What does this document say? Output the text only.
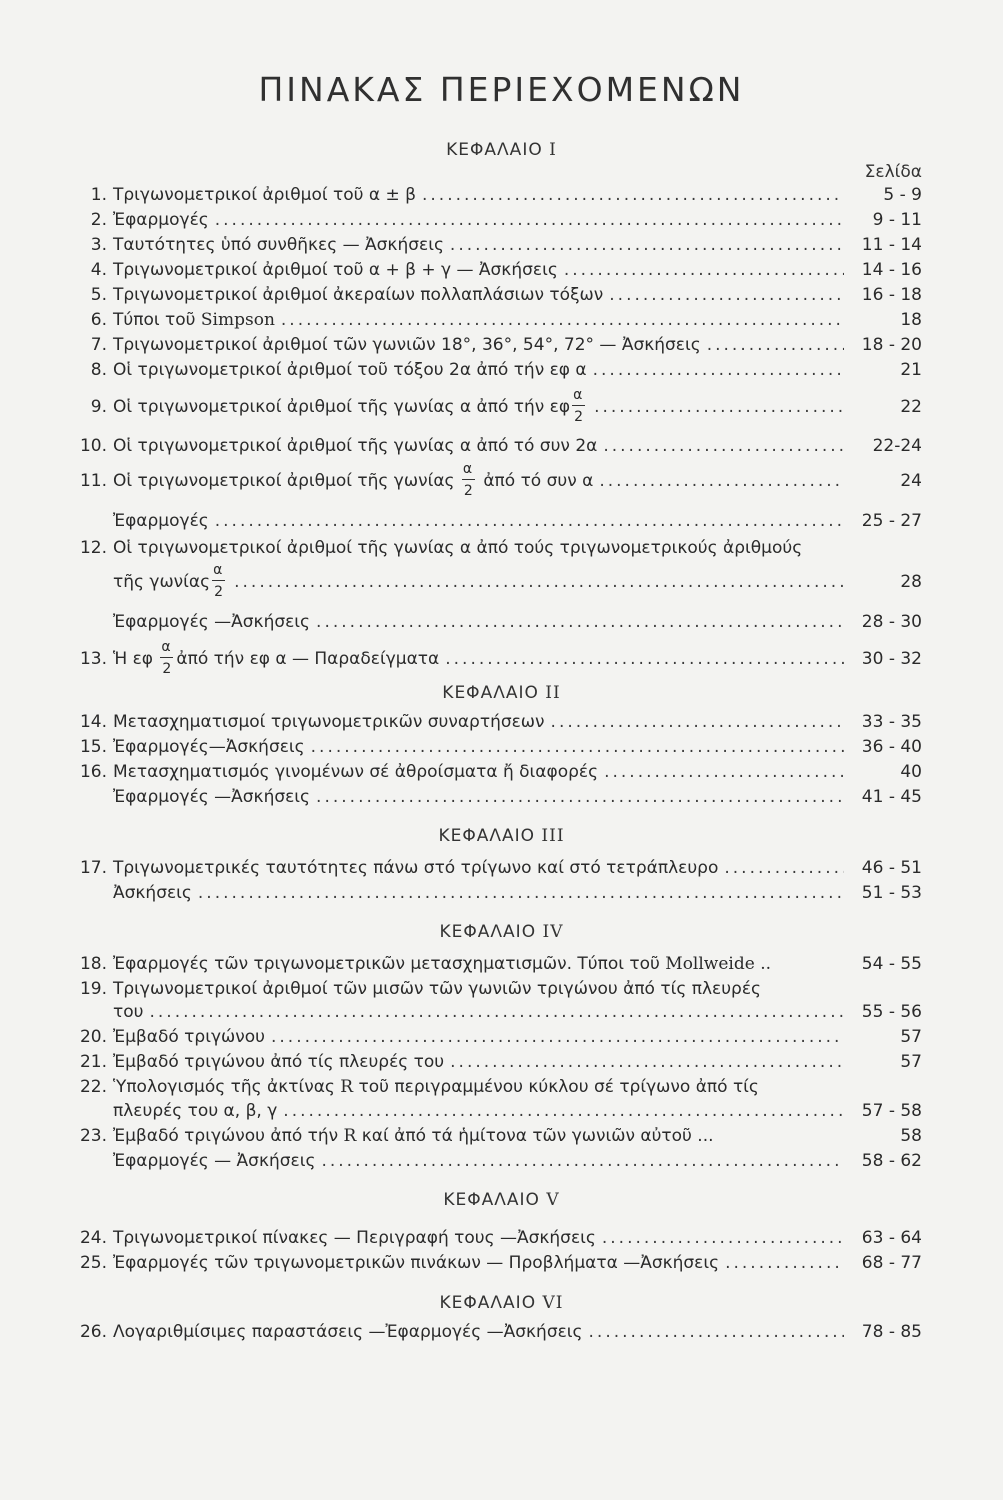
ΠΙΝΑΚΑΣ ΠΕΡΙΕΧΟΜΕΝΩΝ
ΚΕΦΑΛΑΙΟ I
Σελίδα
1. Τριγωνομετρικοί ἀριθμοί τοῦ α ± β .....	5 - 9
2. Ἐφαρμογές .....	9 - 11
3. Ταυτότητες ὑπό συνθῆκες — Ἀσκήσεις .....	11 - 14
4. Τριγωνομετρικοί ἀριθμοί τοῦ α + β + γ — Ἀσκήσεις .....	14 - 16
5. Τριγωνομετρικοί ἀριθμοί ἀκεραίων πολλαπλάσιων τόξων .....	16 - 18
6. Τύποι τοῦ Simpson .....	18
7. Τριγωνομετρικοί ἀριθμοί τῶν γωνιῶν 18°, 36°, 54°, 72° — Ἀσκήσεις .....	18 - 20
8. Οἱ τριγωνομετρικοί ἀριθμοί τοῦ τόξου 2α ἀπό τήν εφ α .....	21
9. Οἱ τριγωνομετρικοί ἀριθμοί τῆς γωνίας α ἀπό τήν εφ $\frac{\alpha}{2}$ .....	22
10. Οἱ τριγωνομετρικοί ἀριθμοί τῆς γωνίας α ἀπό τό συν 2α .....	22-24
11. Οἱ τριγωνομετρικοί ἀριθμοί τῆς γωνίας $\frac{\alpha}{2}$ ἀπό τό συν α .....	24
Ἐφαρμογές .....	25 - 27
12. Οἱ τριγωνομετρικοί ἀριθμοί τῆς γωνίας α ἀπό τούς τριγωνομετρικούς ἀριθμούς
τῆς γωνίας $\frac{\alpha}{2}$ .....	28
Ἐφαρμογές —Ἀσκήσεις .....	28 - 30
13. Ἡ εφ $\frac{\alpha}{2}$ ἀπό τήν εφ α — Παραδείγματα .....	30 - 32
ΚΕΦΑΛΑΙΟ II
14. Μετασχηματισμοί τριγωνομετρικῶν συναρτήσεων .....	33 - 35
15. Ἐφαρμογές—Ἀσκήσεις .....	36 - 40
16. Μετασχηματισμός γινομένων σέ ἀθροίσματα ἤ διαφορές .....	40
Ἐφαρμογές —Ἀσκήσεις .....	41 - 45
ΚΕΦΑΛΑΙΟ III
17. Τριγωνομετρικές ταυτότητες πάνω στό τρίγωνο καί στό τετράπλευρο .....	46 - 51
Ἀσκήσεις .....	51 - 53
ΚΕΦΑΛΑΙΟ IV
18. Ἐφαρμογές τῶν τριγωνομετρικῶν μετασχηματισμῶν. Τύποι τοῦ Mollweide ..	54 - 55
19. Τριγωνομετρικοί ἀριθμοί τῶν μισῶν τῶν γωνιῶν τριγώνου ἀπό τίς πλευρές
του .....	55 - 56
20. Ἐμβαδό τριγώνου .....	57
21. Ἐμβαδό τριγώνου ἀπό τίς πλευρές του .....	57
22. Ὑπολογισμός τῆς ἀκτίνας R τοῦ περιγραμμένου κύκλου σέ τρίγωνο ἀπό τίς
πλευρές του α, β, γ .....	57 - 58
23. Ἐμβαδό τριγώνου ἀπό τήν R καί ἀπό τά ἡμίτονα τῶν γωνιῶν αὐτοῦ ...	58
Ἐφαρμογές — Ἀσκήσεις .....	58 - 62
ΚΕΦΑΛΑΙΟ V
24. Τριγωνομετρικοί πίνακες — Περιγραφή τους —Ἀσκήσεις .....	63 - 64
25. Ἐφαρμογές τῶν τριγωνομετρικῶν πινάκων — Προβλήματα —Ἀσκήσεις .....	68 - 77
ΚΕΦΑΛΑΙΟ VI
26. Λογαριθμίσιμες παραστάσεις —Ἐφαρμογές —Ἀσκήσεις .....	78 - 85
